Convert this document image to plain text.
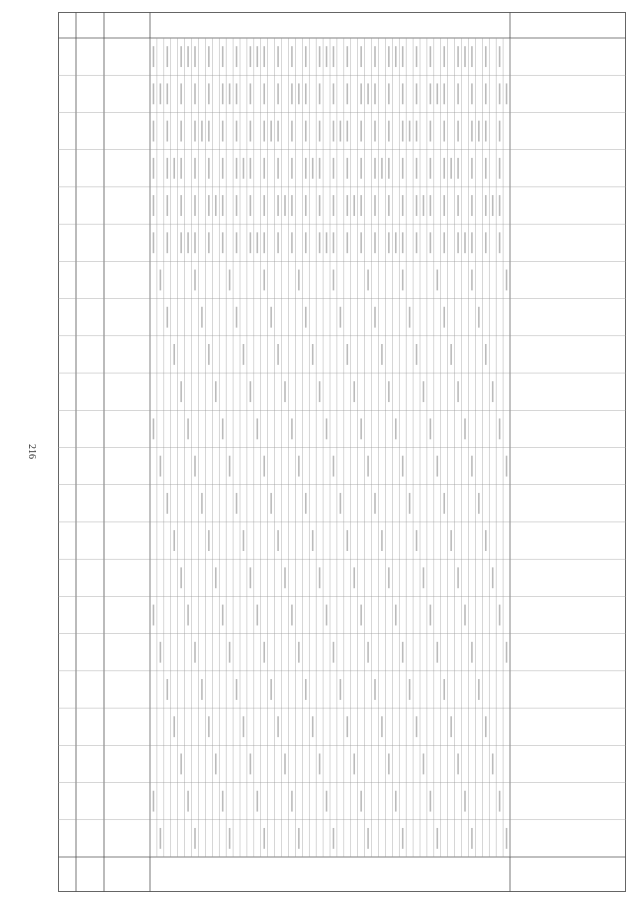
216
